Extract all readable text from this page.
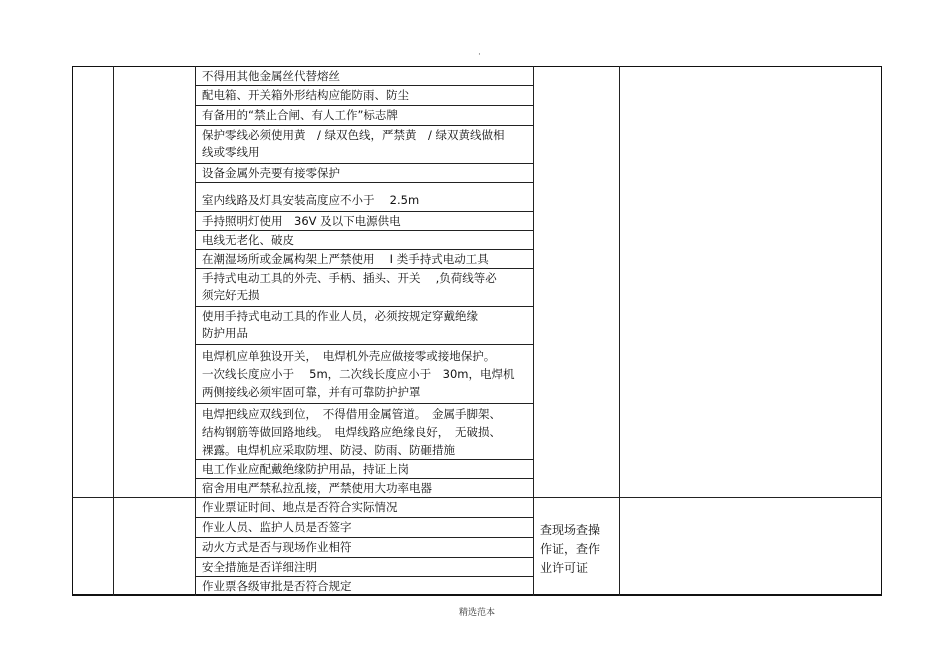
·
不得用其他金属丝代替熔丝
配电箱、开关箱外形结构应能防雨、防尘
有备用的“禁止合闸、有人工作”标志牌
保护零线必须使用黄　/ 绿双色线，严禁黄　/ 绿双黄线做相
线或零线用
设备金属外壳要有接零保护
室内线路及灯具安装高度应不小于　 2.5m
手持照明灯使用　36V 及以下电源供电
电线无老化、破皮
在潮湿场所或金属构架上严禁使用　 Ⅰ 类手持式电动工具
手持式电动工具的外壳、手柄、插头、开关　 ,负荷线等必
须完好无损
使用手持式电动工具的作业人员，必须按规定穿戴绝缘
防护用品
电焊机应单独设开关，　电焊机外壳应做接零或接地保护。
一次线长度应小于　 5m，二次线长度应小于　30m，电焊机
两侧接线必须牢固可靠，并有可靠防护护罩
电焊把线应双线到位，　不得借用金属管道。　金属手脚架、
结构钢筋等做回路地线。　电焊线路应绝缘良好，　无破损、
裸露。电焊机应采取防埋、防浸、防雨、防砸措施
电工作业应配戴绝缘防护用品，持证上岗
宿舍用电严禁私拉乱接，严禁使用大功率电器
作业票证时间、地点是否符合实际情况
作业人员、监护人员是否签字
动火方式是否与现场作业相符
安全措施是否详细注明
作业票各级审批是否符合规定
查现场查操作证，查作业许可证
精选范本
